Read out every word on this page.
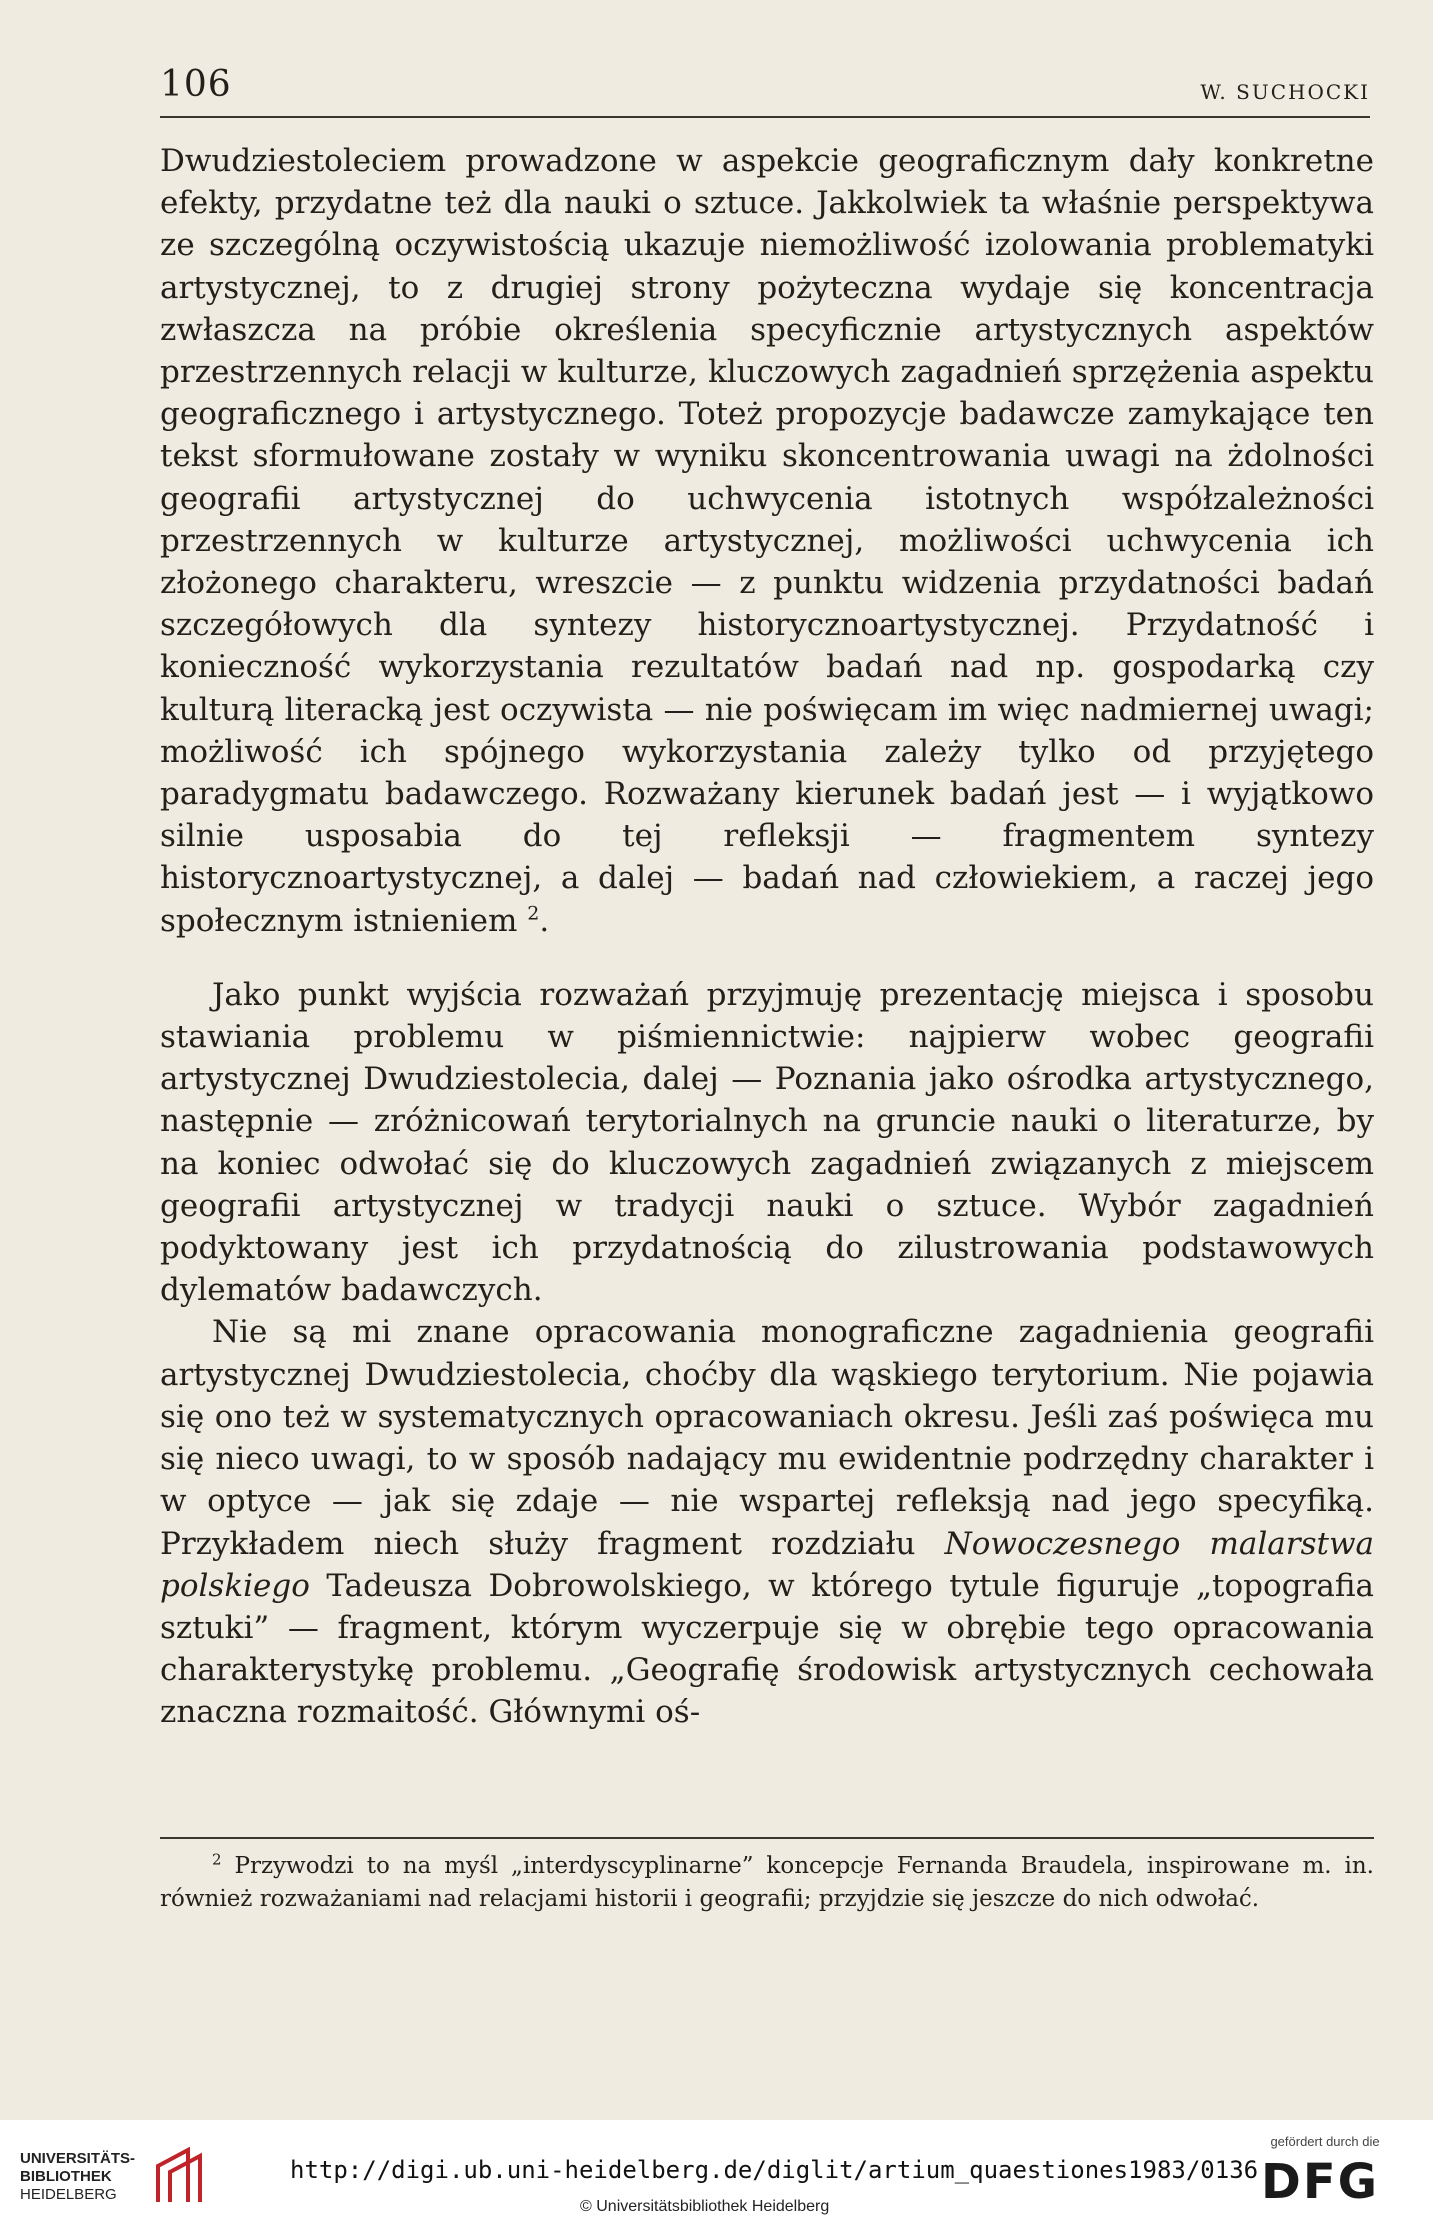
106	W. SUCHOCKI

Dwudziestoleciem prowadzone w aspekcie geograficznym dały konkretne efekty, przydatne też dla nauki o sztuce. Jakkolwiek ta właśnie perspektywa ze szczególną oczywistością ukazuje niemożliwość izolowania problematyki artystycznej, to z drugiej strony pożyteczna wydaje się koncentracja zwłaszcza na próbie określenia specyficznie artystycznych aspektów przestrzennych relacji w kulturze, kluczowych zagadnień sprzężenia aspektu geograficznego i artystycznego. Toteż propozycje badawcze zamykające ten tekst sformułowane zostały w wyniku skoncentrowania uwagi na żdolności geografii artystycznej do uchwycenia istotnych współzależności przestrzennych w kulturze artystycznej, możliwości uchwycenia ich złożonego charakteru, wreszcie — z punktu widzenia przydatności badań szczegółowych dla syntezy historycznoartystycznej. Przydatność i konieczność wykorzystania rezultatów badań nad np. gospodarką czy kulturą literacką jest oczywista — nie poświęcam im więc nadmiernej uwagi; możliwość ich spójnego wykorzystania zależy tylko od przyjętego paradygmatu badawczego. Rozważany kierunek badań jest — i wyjątkowo silnie usposabia do tej refleksji — fragmentem syntezy historycznoartystycznej, a dalej — badań nad człowiekiem, a raczej jego społecznym istnieniem $^2$.

Jako punkt wyjścia rozważań przyjmuję prezentację miejsca i sposobu stawiania problemu w piśmiennictwie: najpierw wobec geografii artystycznej Dwudziestolecia, dalej — Poznania jako ośrodka artystycznego, następnie — zróżnicowań terytorialnych na gruncie nauki o literaturze, by na koniec odwołać się do kluczowych zagadnień związanych z miejscem geografii artystycznej w tradycji nauki o sztuce. Wybór zagadnień podyktowany jest ich przydatnością do zilustrowania podstawowych dylematów badawczych.

Nie są mi znane opracowania monograficzne zagadnienia geografii artystycznej Dwudziestolecia, choćby dla wąskiego terytorium. Nie pojawia się ono też w systematycznych opracowaniach okresu. Jeśli zaś poświęca mu się nieco uwagi, to w sposób nadający mu ewidentnie podrzędny charakter i w optyce — jak się zdaje — nie wspartej refleksją nad jego specyfiką. Przykładem niech służy fragment rozdziału Nowoczesnego malarstwa polskiego Tadeusza Dobrowolskiego, w którego tytule figuruje „topografia sztuki” — fragment, którym wyczerpuje się w obrębie tego opracowania charakterystykę problemu. „Geografię środowisk artystycznych cechowała znaczna rozmaitość. Głównymi oś-

$^2$ Przywodzi to na myśl „interdyscyplinarne” koncepcje Fernanda Braudela, inspirowane m. in. również rozważaniami nad relacjami historii i geografii; przyjdzie się jeszcze do nich odwołać.

UNIVERSITÄTS-
BIBLIOTHEK
HEIDELBERG
http://digi.ub.uni-heidelberg.de/diglit/artium_quaestiones1983/0136
© Universitätsbibliothek Heidelberg
gefördert durch die
DFG
